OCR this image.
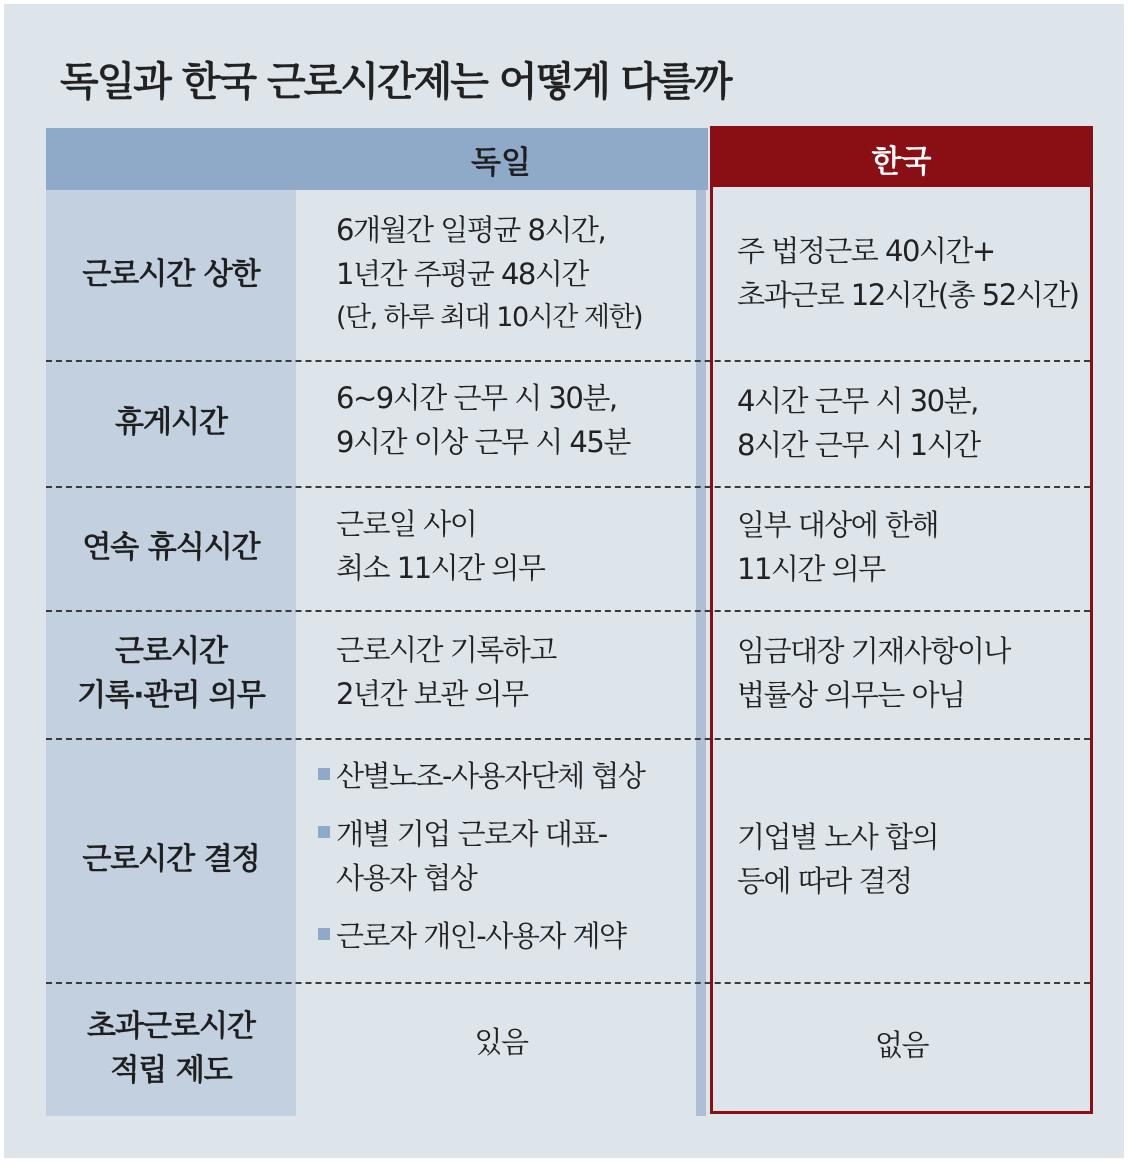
독일과 한국 근로시간제는 어떻게 다를까
독일
근로시간 상한
휴게시간
연속 휴식시간
근로시간
기록·관리 의무
근로시간 결정
초과근로시간
적립 제도
6개월간 일평균 8시간,
1년간 주평균 48시간
(단, 하루 최대 10시간 제한)
6~9시간 근무 시 30분,
9시간 이상 근무 시 45분
근로일 사이
최소 11시간 의무
근로시간 기록하고
2년간 보관 의무
산별노조-사용자단체 협상
개별 기업 근로자 대표-
사용자 협상
근로자 개인-사용자 계약
있음
한국
주 법정근로 40시간+
초과근로 12시간(총 52시간)
4시간 근무 시 30분,
8시간 근무 시 1시간
일부 대상에 한해
11시간 의무
임금대장 기재사항이나
법률상 의무는 아님
기업별 노사 합의
등에 따라 결정
없음
